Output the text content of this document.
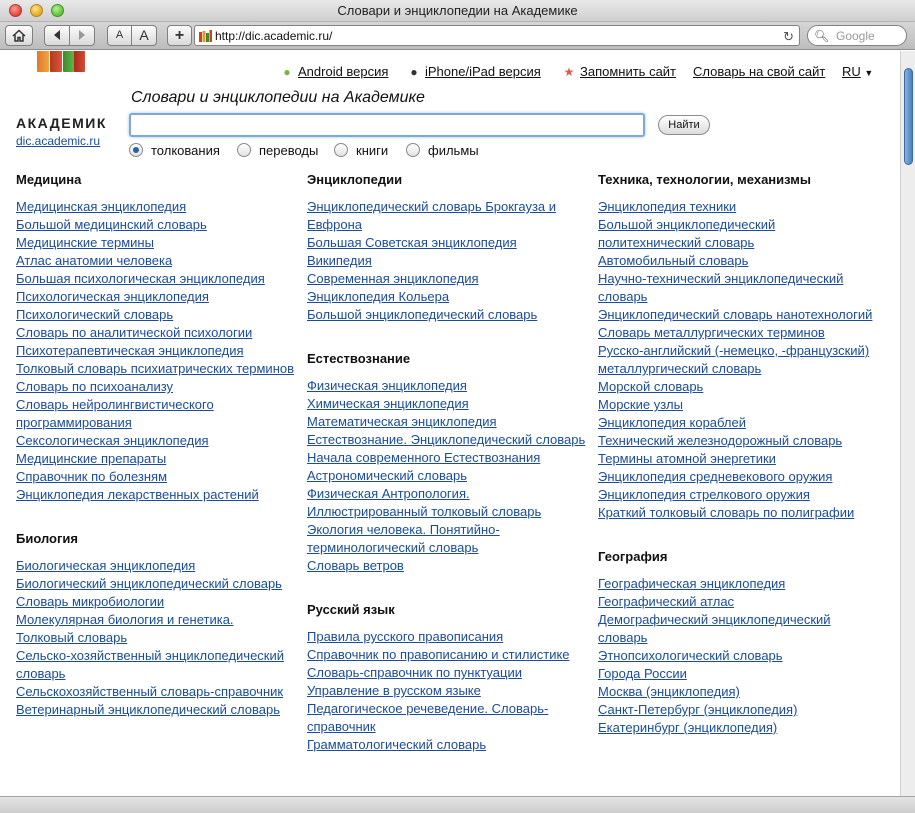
Словари и энциклопедии на Академике
A	A	+	http://dic.academic.ru/	↻ 🔍︎ Google
АКАДЕМИК
dic.academic.ru
● Android версия ● iPhone/iPad версия ★ Запомнить сайт Словарь на свой сайт RU ▼
Словари и энциклопедии на Академике
Найти
толкования	переводы	книги	фильмы
Медицина
Медицинская энциклопедия
Большой медицинский словарь
Медицинские термины
Атлас анатомии человека
Большая психологическая энциклопедия
Психологическая энциклопедия
Психологический словарь
Словарь по аналитической психологии
Психотерапевтическая энциклопедия
Толковый словарь психиатрических терминов
Словарь по психоанализу
Словарь нейролингвистического программирования
Сексологическая энциклопедия
Медицинские препараты
Справочник по болезням
Энциклопедия лекарственных растений
Биология
Биологическая энциклопедия
Биологический энциклопедический словарь
Словарь микробиологии
Молекулярная биология и генетика.
Толковый словарь
Сельско-хозяйственный энциклопедический словарь
Сельскохозяйственный словарь-справочник
Ветеринарный энциклопедический словарь
Энциклопедии
Энциклопедический словарь Брокгауза и Евфрона
Большая Советская энциклопедия
Википедия
Современная энциклопедия
Энциклопедия Кольера
Большой энциклопедический словарь
Естествознание
Физическая энциклопедия
Химическая энциклопедия
Математическая энциклопедия
Естествознание. Энциклопедический словарь
Начала современного Естествознания
Астрономический словарь
Физическая Антропология.
Иллюстрированный толковый словарь
Экология человека. Понятийно-терминологический словарь
Словарь ветров
Русский язык
Правила русского правописания
Справочник по правописанию и стилистике
Словарь-справочник по пунктуации
Управление в русском языке
Педагогическое речеведение. Словарь-справочник
Грамматологический словарь
Техника, технологии, механизмы
Энциклопедия техники
Большой энциклопедический политехнический словарь
Автомобильный словарь
Научно-технический энциклопедический словарь
Энциклопедический словарь нанотехнологий
Словарь металлургических терминов
Русско-английский (-немецко, -французский) металлургический словарь
Морской словарь
Морские узлы
Энциклопедия кораблей
Технический железнодорожный словарь
Термины атомной энергетики
Энциклопедия средневекового оружия
Энциклопедия стрелкового оружия
Краткий толковый словарь по полиграфии
География
Географическая энциклопедия
Географический атлас
Демографический энциклопедический словарь
Этнопсихологический словарь
Города России
Москва (энциклопедия)
Санкт-Петербург (энциклопедия)
Екатеринбург (энциклопедия)
